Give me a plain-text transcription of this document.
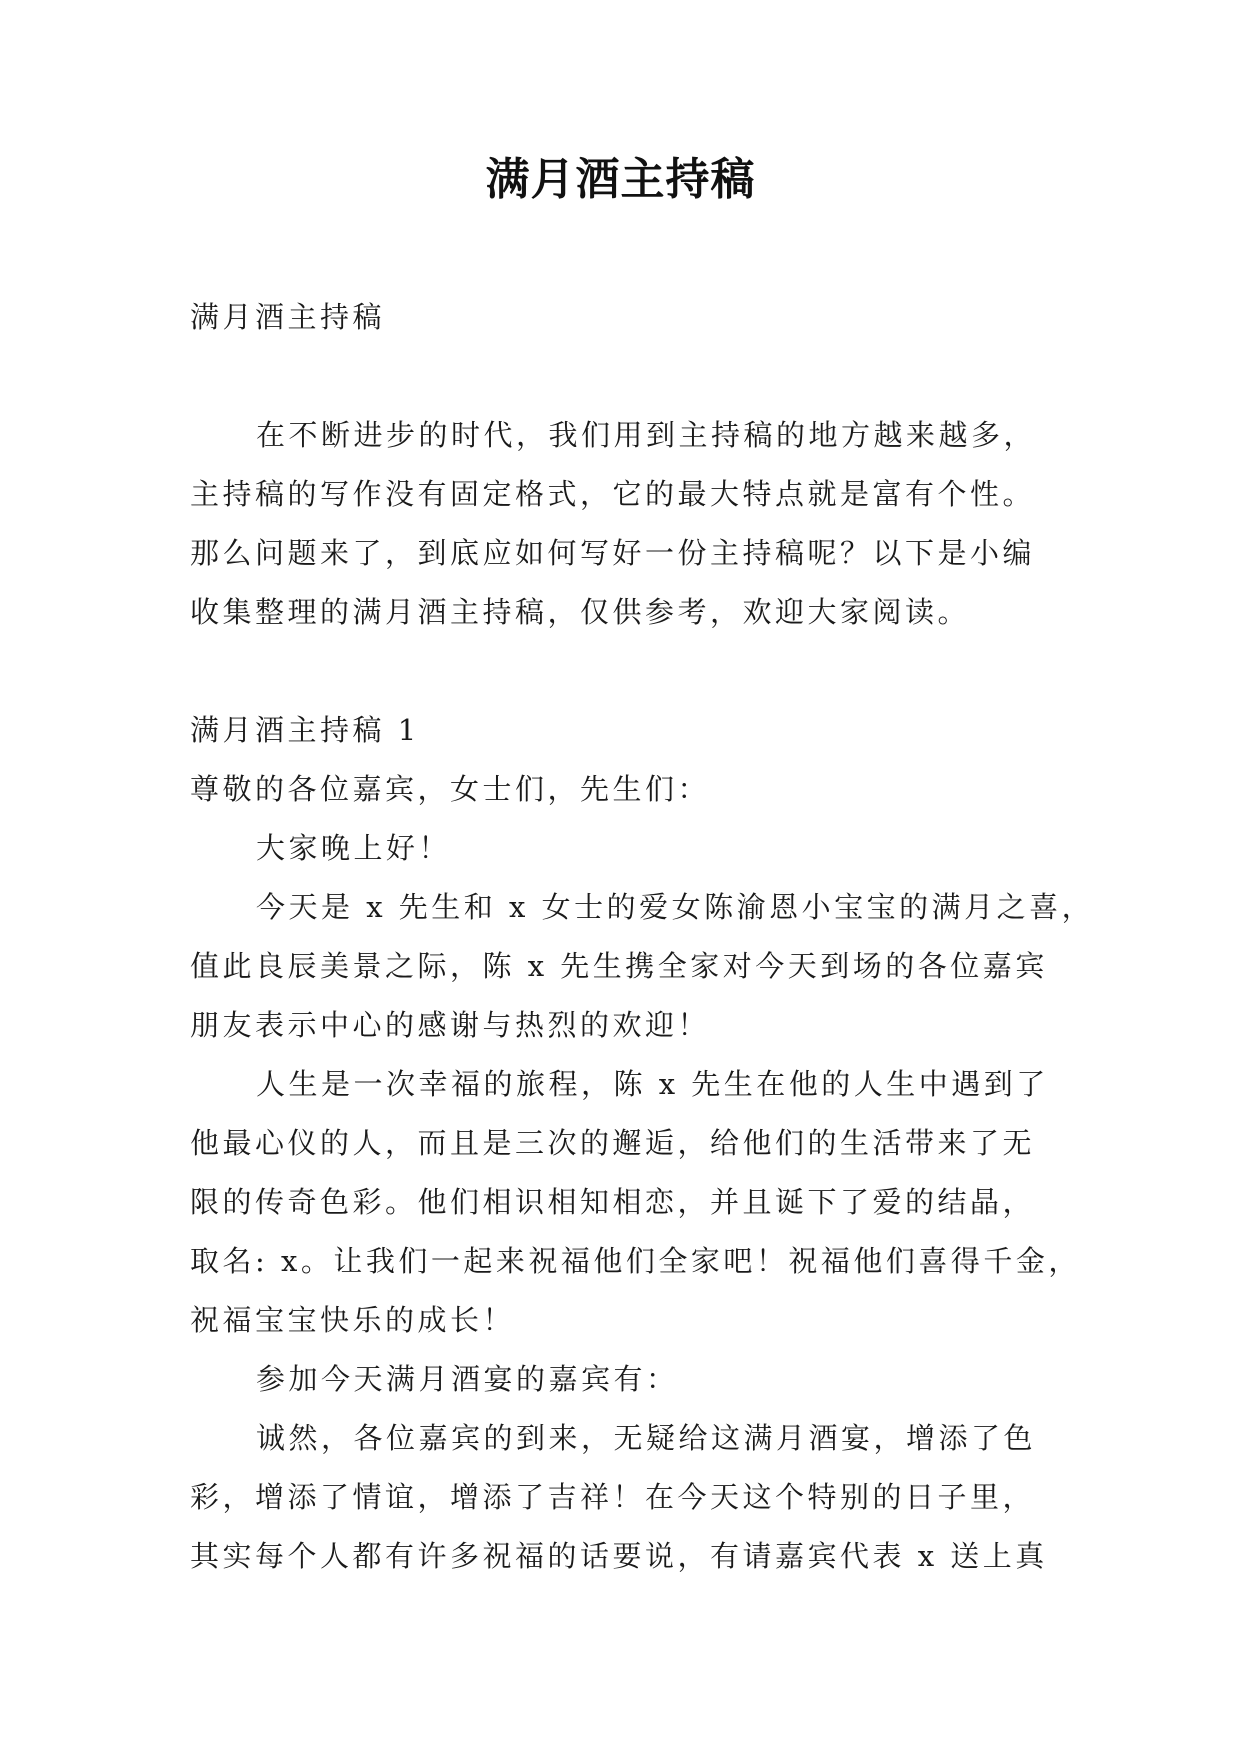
满月酒主持稿

满月酒主持稿

在不断进步的时代，我们用到主持稿的地方越来越多，

主持稿的写作没有固定格式，它的最大特点就是富有个性。

那么问题来了，到底应如何写好一份主持稿呢？以下是小编

收集整理的满月酒主持稿，仅供参考，欢迎大家阅读。

满月酒主持稿 1

尊敬的各位嘉宾，女士们，先生们：

大家晚上好！

今天是 x 先生和 x 女士的爱女陈渝恩小宝宝的满月之喜，

值此良辰美景之际，陈 x 先生携全家对今天到场的各位嘉宾

朋友表示中心的感谢与热烈的欢迎！

人生是一次幸福的旅程，陈 x 先生在他的人生中遇到了

他最心仪的人，而且是三次的邂逅，给他们的生活带来了无

限的传奇色彩。他们相识相知相恋，并且诞下了爱的结晶，

取名: x。让我们一起来祝福他们全家吧！祝福他们喜得千金，

祝福宝宝快乐的成长！

参加今天满月酒宴的嘉宾有：

诚然，各位嘉宾的到来，无疑给这满月酒宴，增添了色

彩，增添了情谊，增添了吉祥！在今天这个特别的日子里，

其实每个人都有许多祝福的话要说，有请嘉宾代表 x 送上真
